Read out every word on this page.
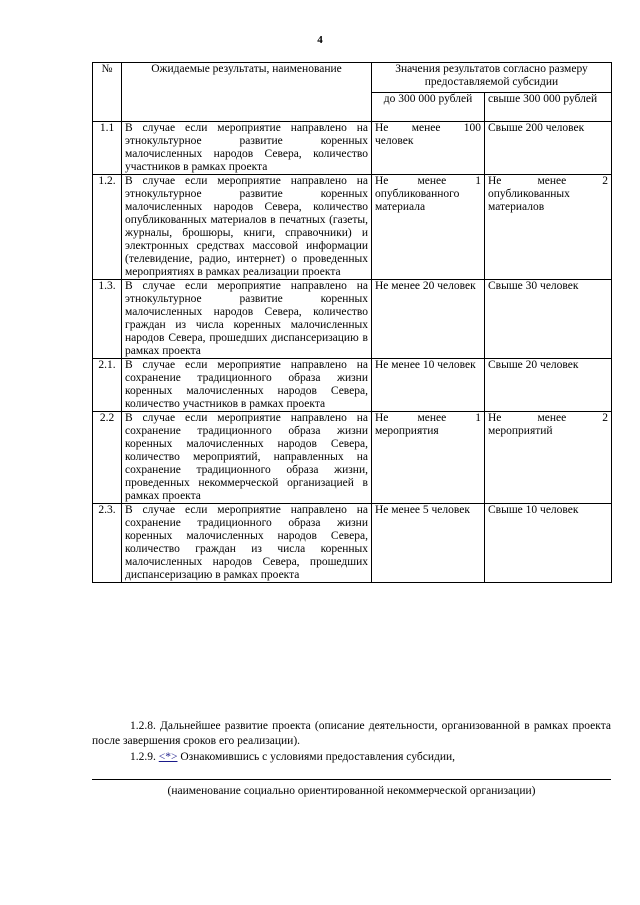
4
№	Ожидаемые результаты, наименование	Значения результатов согласно размеру предоставляемой субсидии	
		до 300 000 рублей	свыше 300 000 рублей
1.1	В случае если мероприятие направлено на этнокультурное развитие коренных малочисленных народов Севера, количество участников в рамках проекта	Не менее 100 человек	Свыше 200 человек
1.2.	В случае если мероприятие направлено на этнокультурное развитие коренных малочисленных народов Севера, количество опубликованных материалов в печатных (газеты, журналы, брошюры, книги, справочники) и электронных средствах массовой информации (телевидение, радио, интернет) о проведенных мероприятиях в рамках реализации проекта	Не менее 1 опубликованного материала	Не менее 2 опубликованных материалов
1.3.	В случае если мероприятие направлено на этнокультурное развитие коренных малочисленных народов Севера, количество граждан из числа коренных малочисленных народов Севера, прошедших диспансеризацию в рамках проекта	Не менее 20 человек	Свыше 30 человек
2.1.	В случае если мероприятие направлено на сохранение традиционного образа жизни коренных малочисленных народов Севера, количество участников в рамках проекта	Не менее 10 человек	Свыше 20 человек
2.2	В случае если мероприятие направлено на сохранение традиционного образа жизни коренных малочисленных народов Севера, количество мероприятий, направленных на сохранение традиционного образа жизни, проведенных некоммерческой организацией в рамках проекта	Не менее 1 мероприятия	Не менее 2 мероприятий
2.3.	В случае если мероприятие направлено на сохранение традиционного образа жизни коренных малочисленных народов Севера, количество граждан из числа коренных малочисленных народов Севера, прошедших диспансеризацию в рамках проекта	Не менее 5 человек	Свыше 10 человек
1.2.8. Дальнейшее развитие проекта (описание деятельности, организованной в рамках проекта после завершения сроков его реализации).
1.2.9. <*> Ознакомившись с условиями предоставления субсидии,
(наименование социально ориентированной некоммерческой организации)
